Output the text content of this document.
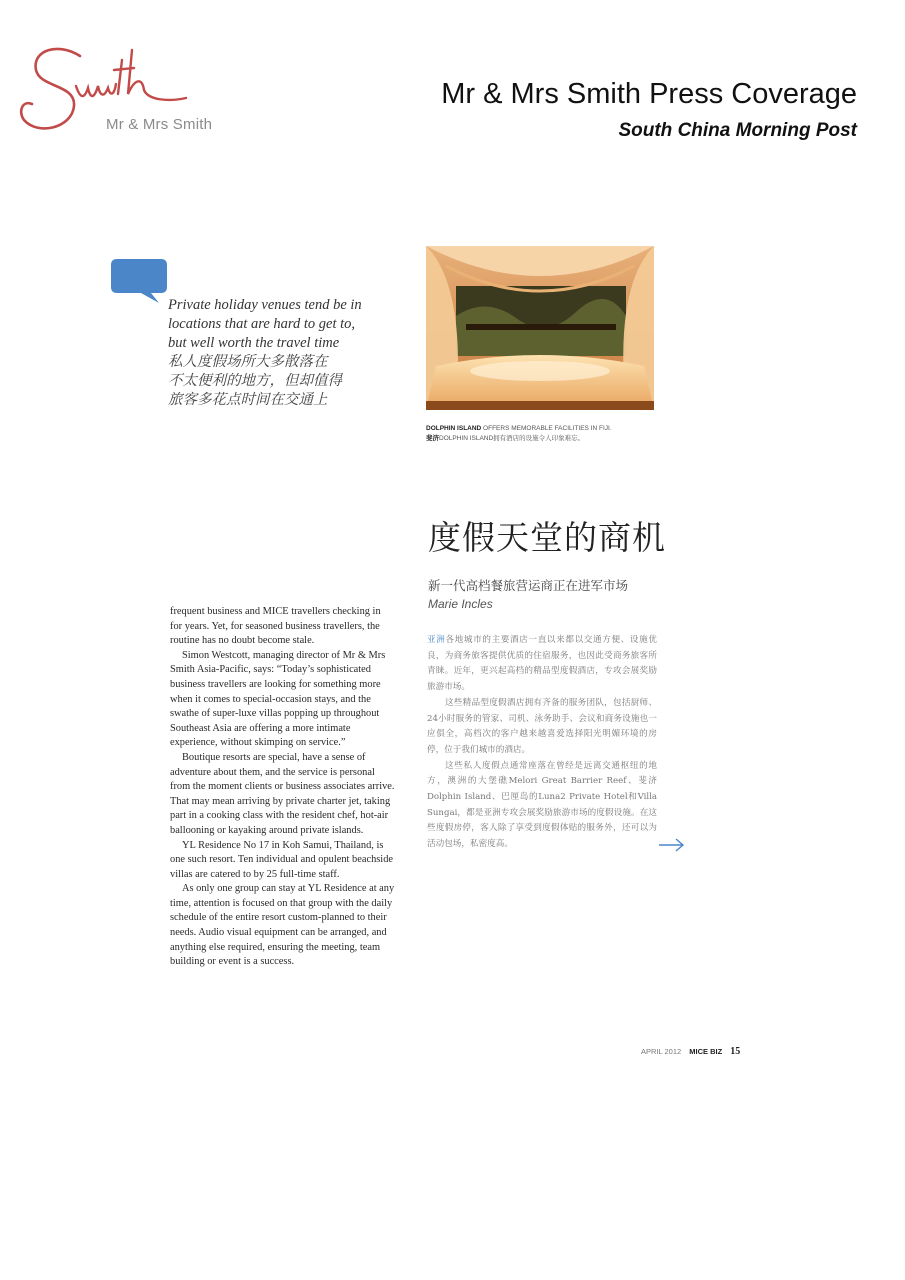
Mr & Mrs Smith
Mr & Mrs Smith Press Coverage
South China Morning Post

Private holiday venues tend be in

locations that are hard to get to,

but well worth the travel time

私人度假场所大多散落在

不太便利的地方，但却值得

旅客多花点时间在交通上

DOLPHIN ISLAND OFFERS MEMORABLE FACILITIES IN FIJI.
斐济DOLPHIN ISLAND拥有酒店的设施令人印象难忘。
度假天堂的商机
新一代高档餐旅营运商正在进军市场
Marie Incles

frequent business and MICE travellers checking in for years. Yet, for seasoned business travellers, the routine has no doubt become stale.

Simon Westcott, managing director of Mr & Mrs Smith Asia-Pacific, says: “Today’s sophisticated business travellers are looking for something more when it comes to special-occasion stays, and the swathe of super-luxe villas popping up throughout Southeast Asia are offering a more intimate experience, without skimping on service.”

Boutique resorts are special, have a sense of adventure about them, and the service is personal from the moment clients or business associates arrive. That may mean arriving by private charter jet, taking part in a cooking class with the resident chef, hot-air ballooning or kayaking around private islands.

YL Residence No 17 in Koh Samui, Thailand, is one such resort. Ten individual and opulent beachside villas are catered to by 25 full-time staff.

As only one group can stay at YL Residence at any time, attention is focused on that group with the daily schedule of the entire resort custom-planned to their needs. Audio visual equipment can be arranged, and anything else required, ensuring the meeting, team building or event is a success.

亚洲各地城市的主要酒店一直以来都以交通方便、设施优良，为商务旅客提供优质的住宿服务，也因此受商务旅客所青睐。近年，更兴起高档的精品型度假酒店，专攻会展奖励旅游市场。

这些精品型度假酒店拥有齐备的服务团队，包括厨师、24小时服务的管家、司机、泳务助手、会议和商务设施也一应俱全，高档次的客户越来越喜爱选择阳光明媚环境的房停，位于我们城市的酒店。

这些私人度假点通常座落在曾经是远离交通枢纽的地方，澳洲的大堡礁Melori Great Barrier Reef、斐济Dolphin Island、巴厘岛的Luna2 Private Hotel和Villa Sungai，都是亚洲专攻会展奖励旅游市场的度假设施。在这些度假房停，客人除了享受到度假体贴的服务外，还可以为活动包场，私密度高。

APRIL 2012 MICE BIZ 15
